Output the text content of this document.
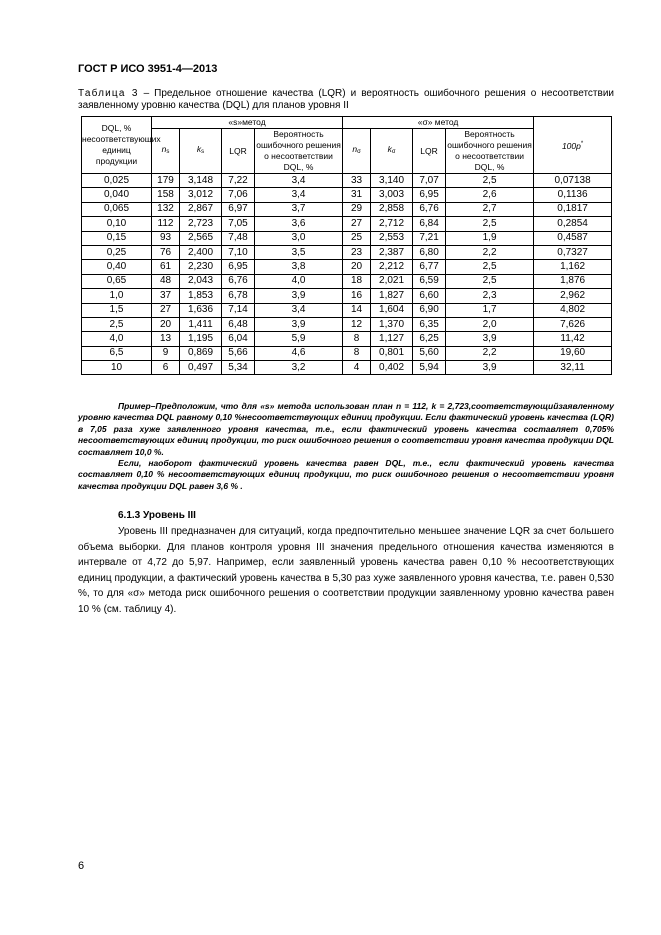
ГОСТ Р ИСО 3951-4—2013
Таблица 3 – Предельное отношение качества (LQR) и вероятность ошибочного решения о несоответствии заявленному уровню качества (DQL) для планов уровня II
DQL, % несоответствующих единиц продукции	«s»метод				«σ» метод				100p*
	$n_s$	$k_s$	LQR	Вероятность ошибочного решения о несоответствии DQL, %	$n_\sigma$	$k_\sigma$	LQR	Вероятность ошибочного решения о несоответствии DQL, %	
0,025	179	3,148	7,22	3,4	33	3,140	7,07	2,5	0,07138
0,040	158	3,012	7,06	3,4	31	3,003	6,95	2,6	0,1136
0,065	132	2,867	6,97	3,7	29	2,858	6,76	2,7	0,1817
0,10	112	2,723	7,05	3,6	27	2,712	6,84	2,5	0,2854
0,15	93	2,565	7,48	3,0	25	2,553	7,21	1,9	0,4587
0,25	76	2,400	7,10	3,5	23	2,387	6,80	2,2	0,7327
0,40	61	2,230	6,95	3,8	20	2,212	6,77	2,5	1,162
0,65	48	2,043	6,76	4,0	18	2,021	6,59	2,5	1,876
1,0	37	1,853	6,78	3,9	16	1,827	6,60	2,3	2,962
1,5	27	1,636	7,14	3,4	14	1,604	6,90	1,7	4,802
2,5	20	1,411	6,48	3,9	12	1,370	6,35	2,0	7,626
4,0	13	1,195	6,04	5,9	8	1,127	6,25	3,9	11,42
6,5	9	0,869	5,66	4,6	8	0,801	5,60	2,2	19,60
10	6	0,497	5,34	3,2	4	0,402	5,94	3,9	32,11

Пример–Предположим, что для «s» метода использован план n = 112, k = 2,723,соответствующийзаявленному уровню качества DQL равному 0,10 %несоответствующих единиц продукции. Если фактический уровень качества (LQR) в 7,05 раза хуже заявленного уровня качества, т.е., если фактический уровень качества составляет 0,705% несоответствующих единиц продукции, то риск ошибочного решения о соответствии уровня качества продукции DQL составляет 10,0 %.

Если, наоборот фактический уровень качества равен DQL, т.е., если фактический уровень качества составляет 0,10 % несоответствующих единиц продукции, то риск ошибочного решения о несоответствии уровня качества продукции DQL равен 3,6 % .

6.1.3 Уровень III

Уровень III предназначен для ситуаций, когда предпочтительно меньшее значение LQR за счет большего объема выборки. Для планов контроля уровня III значения предельного отношения качества изменяются в интервале от 4,72 до 5,97. Например, если заявленный уровень качества равен 0,10 % несоответствующих единиц продукции, а фактический уровень качества в 5,30 раз хуже заявленного уровня качества, т.е. равен 0,530 %, то для «σ» метода риск ошибочного решения о соответствии продукции заявленному уровню качества равен 10 % (см. таблицу 4).

6
